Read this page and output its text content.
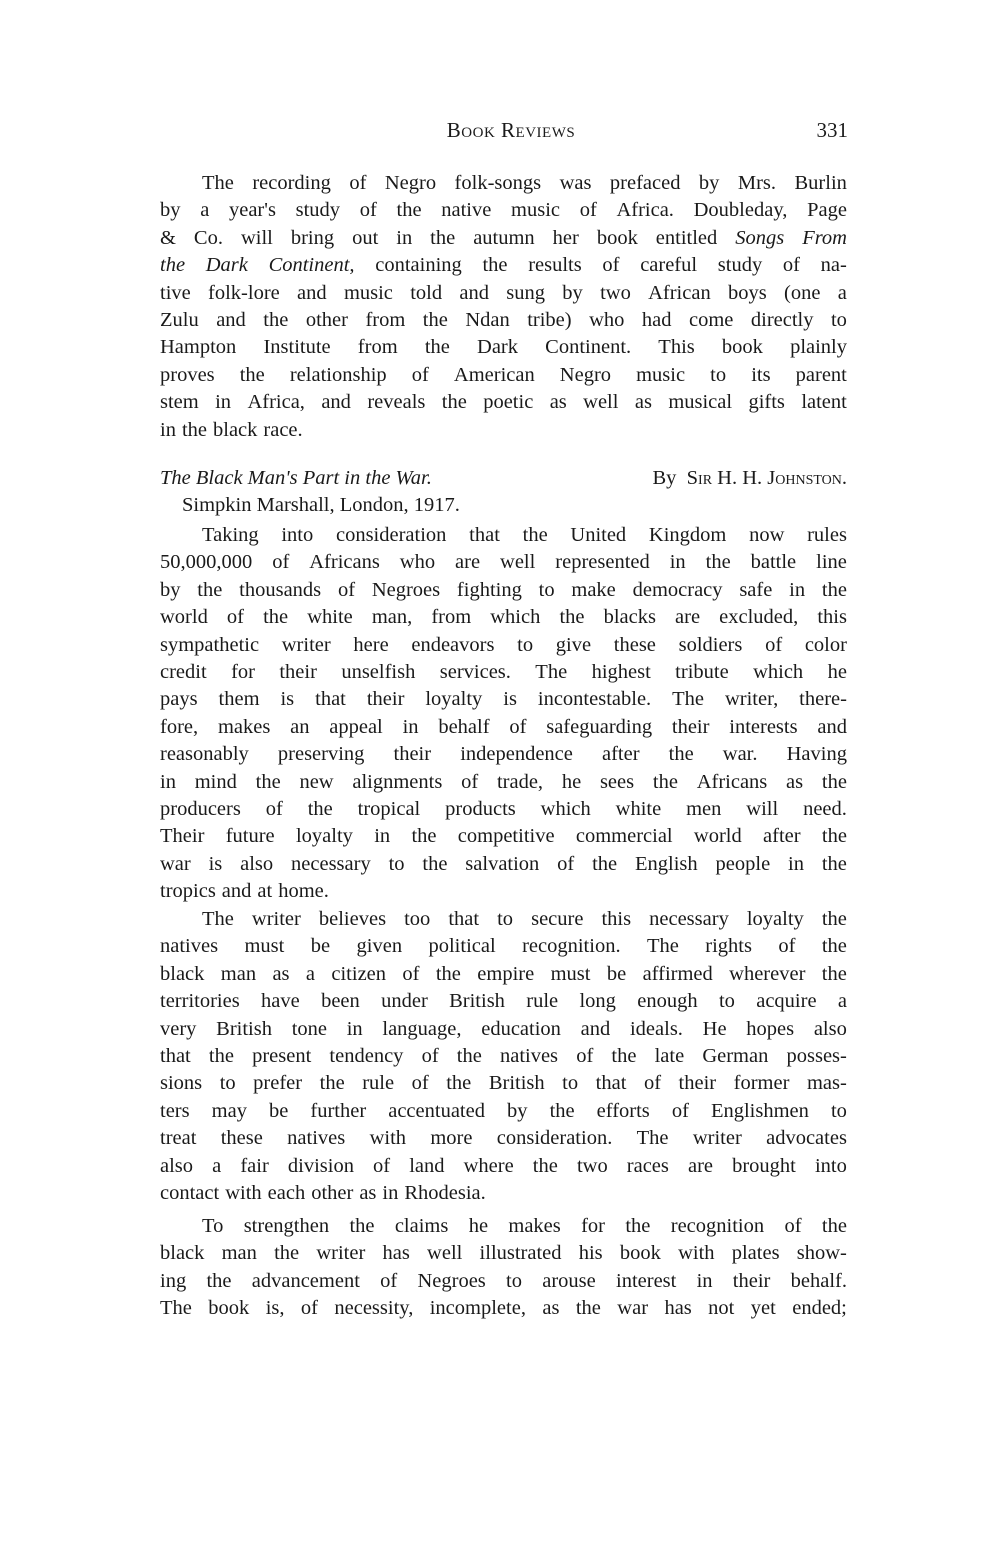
Book Reviews	331
The recording of Negro folk-songs was prefaced by Mrs. Burlin
by a year's study of the native music of Africa. Doubleday, Page
& Co. will bring out in the autumn her book entitled Songs From
the Dark Continent, containing the results of careful study of na-
tive folk-lore and music told and sung by two African boys (one a
Zulu and the other from the Ndan tribe) who had come directly to
Hampton Institute from the Dark Continent. This book plainly
proves the relationship of American Negro music to its parent
stem in Africa, and reveals the poetic as well as musical gifts latent
in the black race.
The Black Man's Part in the War.	By Sir H. H. Johnston.
Simpkin Marshall, London, 1917.
Taking into consideration that the United Kingdom now rules
50,000,000 of Africans who are well represented in the battle line
by the thousands of Negroes fighting to make democracy safe in the
world of the white man, from which the blacks are excluded, this
sympathetic writer here endeavors to give these soldiers of color
credit for their unselfish services. The highest tribute which he
pays them is that their loyalty is incontestable. The writer, there-
fore, makes an appeal in behalf of safeguarding their interests and
reasonably preserving their independence after the war. Having
in mind the new alignments of trade, he sees the Africans as the
producers of the tropical products which white men will need.
Their future loyalty in the competitive commercial world after the
war is also necessary to the salvation of the English people in the
tropics and at home.
The writer believes too that to secure this necessary loyalty the
natives must be given political recognition. The rights of the
black man as a citizen of the empire must be affirmed wherever the
territories have been under British rule long enough to acquire a
very British tone in language, education and ideals. He hopes also
that the present tendency of the natives of the late German posses-
sions to prefer the rule of the British to that of their former mas-
ters may be further accentuated by the efforts of Englishmen to
treat these natives with more consideration. The writer advocates
also a fair division of land where the two races are brought into
contact with each other as in Rhodesia.
To strengthen the claims he makes for the recognition of the
black man the writer has well illustrated his book with plates show-
ing the advancement of Negroes to arouse interest in their behalf.
The book is, of necessity, incomplete, as the war has not yet ended;
